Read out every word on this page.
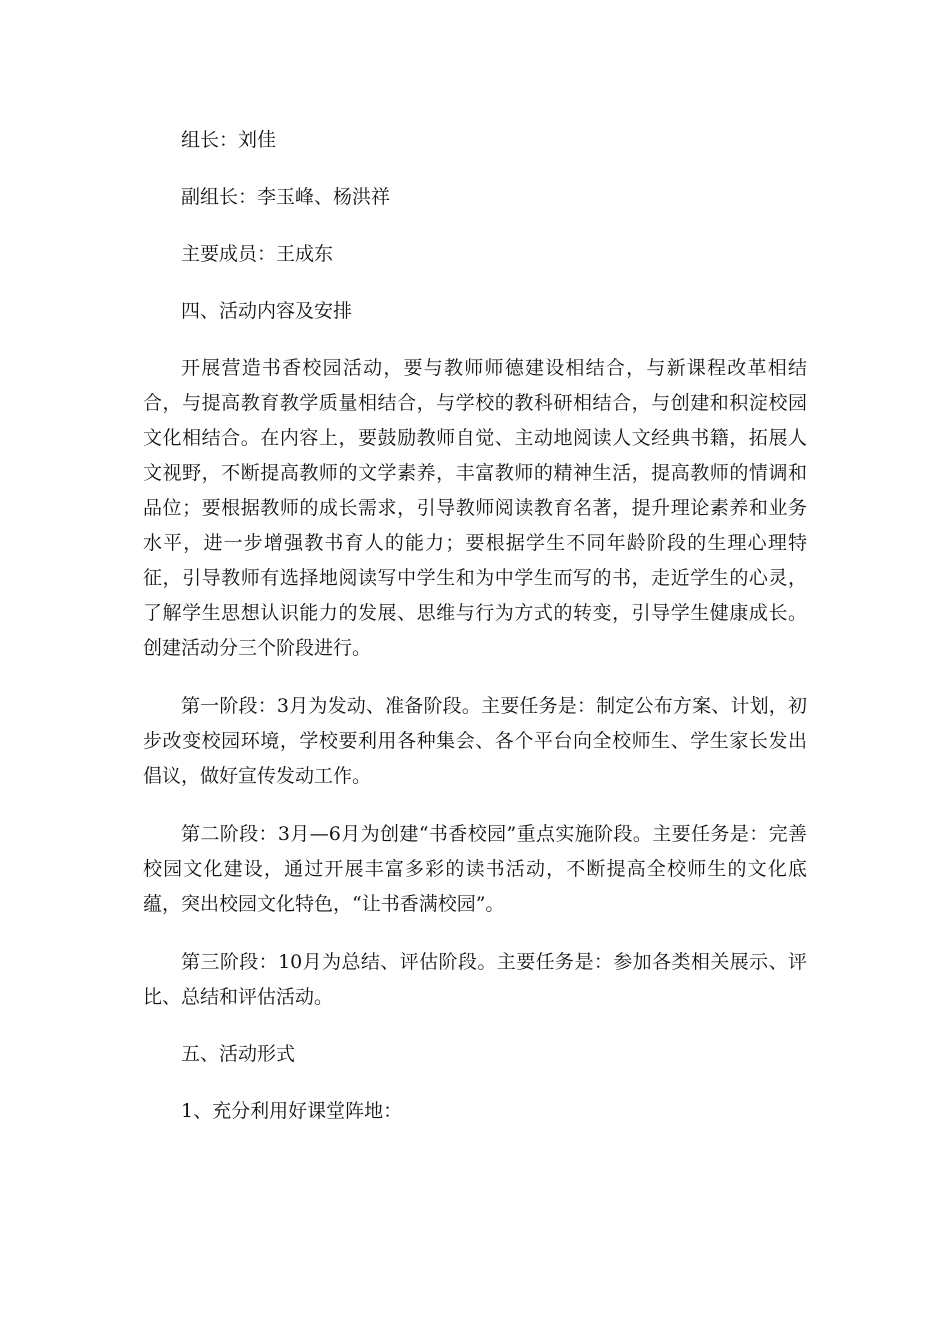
组长：刘佳

副组长：李玉峰、杨洪祥

主要成员：王成东

四、活动内容及安排

开展营造书香校园活动，要与教师师德建设相结合，与新课程改革相结合，与提高教育教学质量相结合，与学校的教科研相结合，与创建和积淀校园文化相结合。在内容上，要鼓励教师自觉、主动地阅读人文经典书籍，拓展人文视野，不断提高教师的文学素养，丰富教师的精神生活，提高教师的情调和品位；要根据教师的成长需求，引导教师阅读教育名著，提升理论素养和业务水平，进一步增强教书育人的能力；要根据学生不同年龄阶段的生理心理特征，引导教师有选择地阅读写中学生和为中学生而写的书，走近学生的心灵，了解学生思想认识能力的发展、思维与行为方式的转变，引导学生健康成长。创建活动分三个阶段进行。

第一阶段：3月为发动、准备阶段。主要任务是：制定公布方案、计划，初步改变校园环境，学校要利用各种集会、各个平台向全校师生、学生家长发出倡议，做好宣传发动工作。

第二阶段：3月—6月为创建“书香校园”重点实施阶段。主要任务是：完善校园文化建设，通过开展丰富多彩的读书活动，不断提高全校师生的文化底蕴，突出校园文化特色，“让书香满校园”。

第三阶段：10月为总结、评估阶段。主要任务是：参加各类相关展示、评比、总结和评估活动。

五、活动形式

1、充分利用好课堂阵地：
